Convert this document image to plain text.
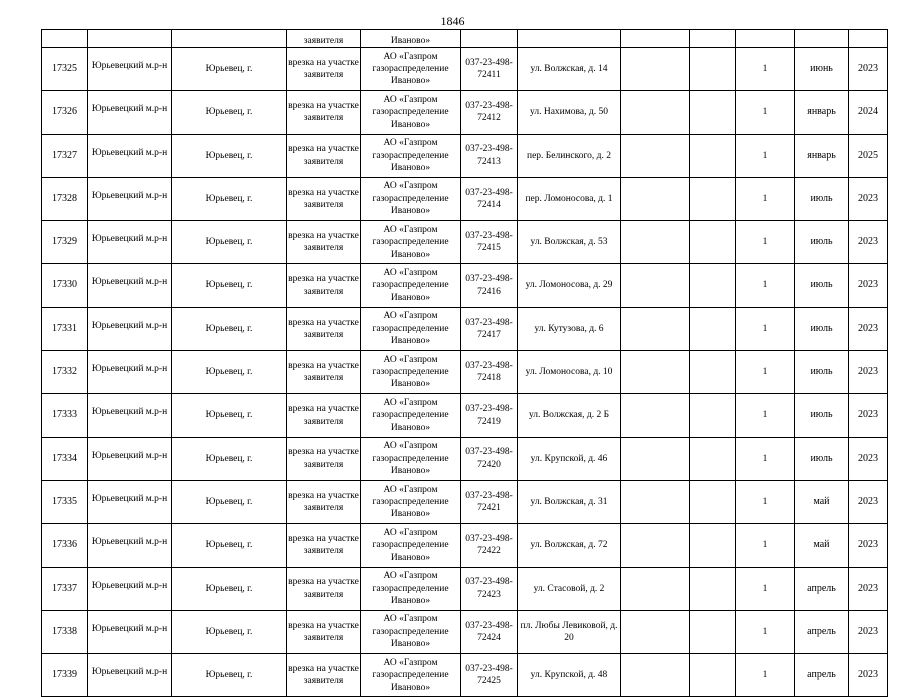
1846
			заявителя	Иваново»							
17325	Юрьевецкий м.р-н	Юрьевец, г.	врезка на участке заявителя	АО «Газпром газораспределение Иваново»	037-23-498-72411	ул. Волжская, д. 14			1	июнь	2023
17326	Юрьевецкий м.р-н	Юрьевец, г.	врезка на участке заявителя	АО «Газпром газораспределение Иваново»	037-23-498-72412	ул. Нахимова, д. 50			1	январь	2024
17327	Юрьевецкий м.р-н	Юрьевец, г.	врезка на участке заявителя	АО «Газпром газораспределение Иваново»	037-23-498-72413	пер. Белинского, д. 2			1	январь	2025
17328	Юрьевецкий м.р-н	Юрьевец, г.	врезка на участке заявителя	АО «Газпром газораспределение Иваново»	037-23-498-72414	пер. Ломоносова, д. 1			1	июль	2023
17329	Юрьевецкий м.р-н	Юрьевец, г.	врезка на участке заявителя	АО «Газпром газораспределение Иваново»	037-23-498-72415	ул. Волжская, д. 53			1	июль	2023
17330	Юрьевецкий м.р-н	Юрьевец, г.	врезка на участке заявителя	АО «Газпром газораспределение Иваново»	037-23-498-72416	ул. Ломоносова, д. 29			1	июль	2023
17331	Юрьевецкий м.р-н	Юрьевец, г.	врезка на участке заявителя	АО «Газпром газораспределение Иваново»	037-23-498-72417	ул. Кутузова, д. 6			1	июль	2023
17332	Юрьевецкий м.р-н	Юрьевец, г.	врезка на участке заявителя	АО «Газпром газораспределение Иваново»	037-23-498-72418	ул. Ломоносова, д. 10			1	июль	2023
17333	Юрьевецкий м.р-н	Юрьевец, г.	врезка на участке заявителя	АО «Газпром газораспределение Иваново»	037-23-498-72419	ул. Волжская, д. 2 Б			1	июль	2023
17334	Юрьевецкий м.р-н	Юрьевец, г.	врезка на участке заявителя	АО «Газпром газораспределение Иваново»	037-23-498-72420	ул. Крупской, д. 46			1	июль	2023
17335	Юрьевецкий м.р-н	Юрьевец, г.	врезка на участке заявителя	АО «Газпром газораспределение Иваново»	037-23-498-72421	ул. Волжская, д. 31			1	май	2023
17336	Юрьевецкий м.р-н	Юрьевец, г.	врезка на участке заявителя	АО «Газпром газораспределение Иваново»	037-23-498-72422	ул. Волжская, д. 72			1	май	2023
17337	Юрьевецкий м.р-н	Юрьевец, г.	врезка на участке заявителя	АО «Газпром газораспределение Иваново»	037-23-498-72423	ул. Стасовой, д. 2			1	апрель	2023
17338	Юрьевецкий м.р-н	Юрьевец, г.	врезка на участке заявителя	АО «Газпром газораспределение Иваново»	037-23-498-72424	пл. Любы Левиковой, д. 20			1	апрель	2023
17339	Юрьевецкий м.р-н	Юрьевец, г.	врезка на участке заявителя	АО «Газпром газораспределение Иваново»	037-23-498-72425	ул. Крупской, д. 48			1	апрель	2023
